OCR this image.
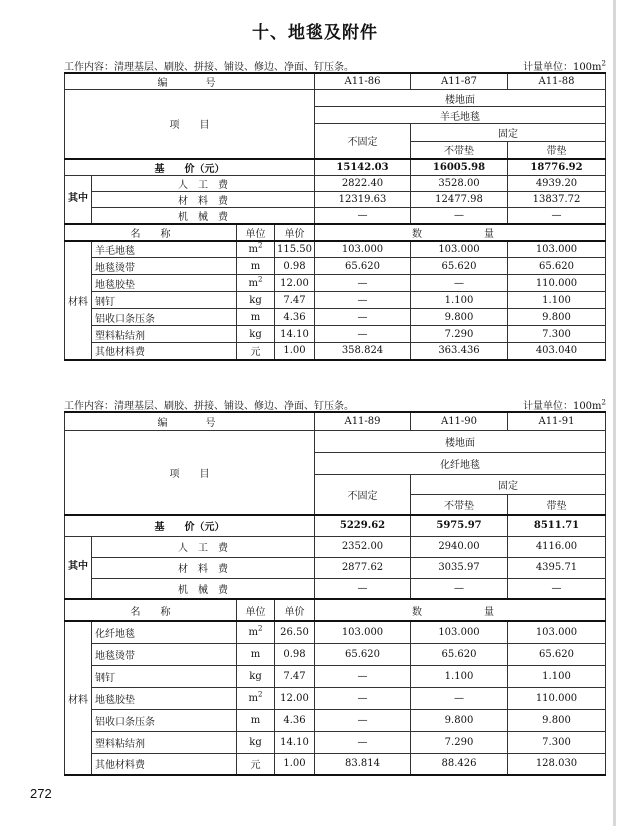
十、地毯及附件
工作内容：清理基层、刷胶、拼接、铺设、修边、净面、钉压条。	计量单位：$100m^2$
编　　号				A11-86	A11-87	A11-88
项　　目				楼地面		
				羊毛地毯		
				不固定	固定	
					不带垫	带垫
基　　价（元）				15142.03	16005.98	18776.92
其中	人　工　费			2822.40	3528.00	4939.20
	材　料　费			12319.63	12477.98	13837.72
	机　械　费			—	—	—
名　　称		单位	单价	数　　量		
材料	羊毛地毯	$m^2$	115.50	103.000	103.000	103.000
	地毯烫带	m	0.98	65.620	65.620	65.620
	地毯胶垫	$m^2$	12.00	—	—	110.000
	钢钉	kg	7.47	—	1.100	1.100
	铝收口条压条	m	4.36	—	9.800	9.800
	塑料粘结剂	kg	14.10	—	7.290	7.300
	其他材料费	元	1.00	358.824	363.436	403.040
工作内容：清理基层、刷胶、拼接、铺设、修边、净面、钉压条。	计量单位：$100m^2$
编　　号				A11-89	A11-90	A11-91
项　　目				楼地面		
				化纤地毯		
				不固定	固定	
					不带垫	带垫
基　　价（元）				5229.62	5975.97	8511.71
其中	人　工　费			2352.00	2940.00	4116.00
	材　料　费			2877.62	3035.97	4395.71
	机　械　费			—	—	—
名　　称		单位	单价	数　　量		
材料	化纤地毯	$m^2$	26.50	103.000	103.000	103.000
	地毯烫带	m	0.98	65.620	65.620	65.620
	钢钉	kg	7.47	—	1.100	1.100
	地毯胶垫	$m^2$	12.00	—	—	110.000
	铝收口条压条	m	4.36	—	9.800	9.800
	塑料粘结剂	kg	14.10	—	7.290	7.300
	其他材料费	元	1.00	83.814	88.426	128.030
272
